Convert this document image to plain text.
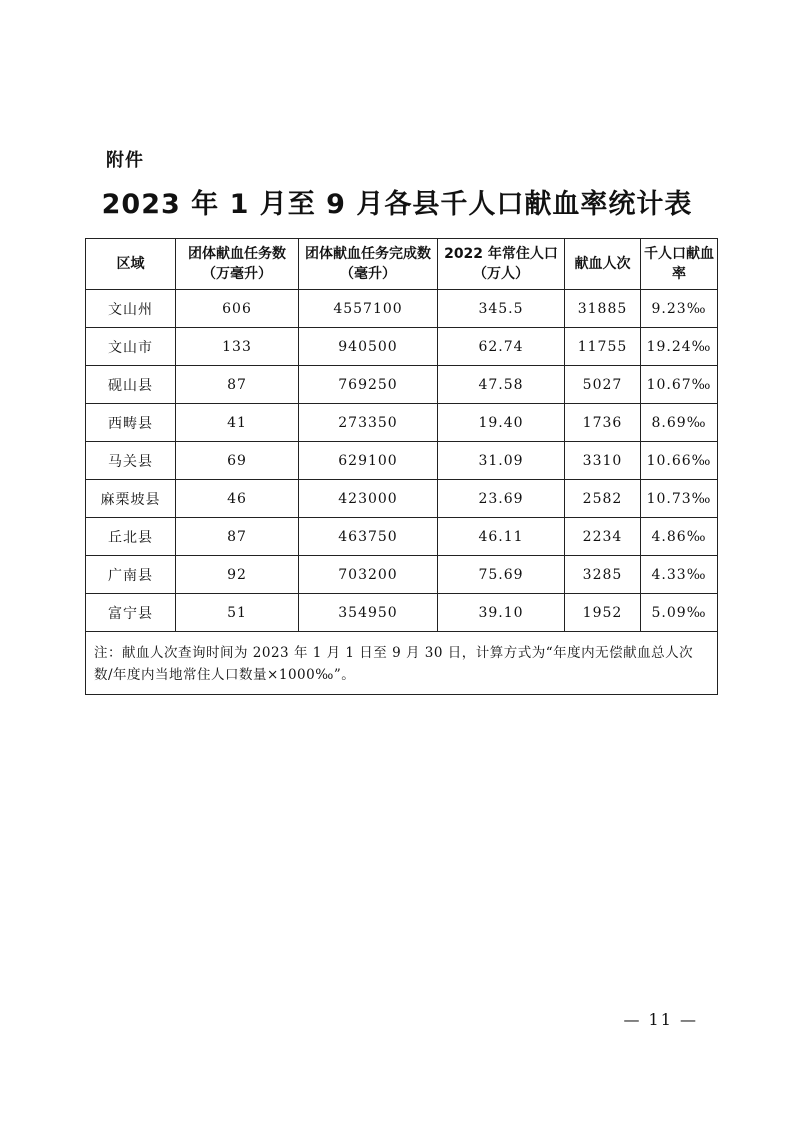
附件
2023 年 1 月至 9 月各县千人口献血率统计表
区域	团体献血任务数（万毫升）	团体献血任务完成数（毫升）	2022 年常住人口（万人）	献血人次	千人口献血率
文山州	606	4557100	345.5	31885	9.23‰
文山市	133	940500	62.74	11755	19.24‰
砚山县	87	769250	47.58	5027	10.67‰
西畴县	41	273350	19.40	1736	8.69‰
马关县	69	629100	31.09	3310	10.66‰
麻栗坡县	46	423000	23.69	2582	10.73‰
丘北县	87	463750	46.11	2234	4.86‰
广南县	92	703200	75.69	3285	4.33‰
富宁县	51	354950	39.10	1952	5.09‰
注：献血人次查询时间为 2023 年 1 月 1 日至 9 月 30 日，计算方式为“年度内无偿献血总人次数/年度内当地常住人口数量×1000‰”。					
— 11 —
